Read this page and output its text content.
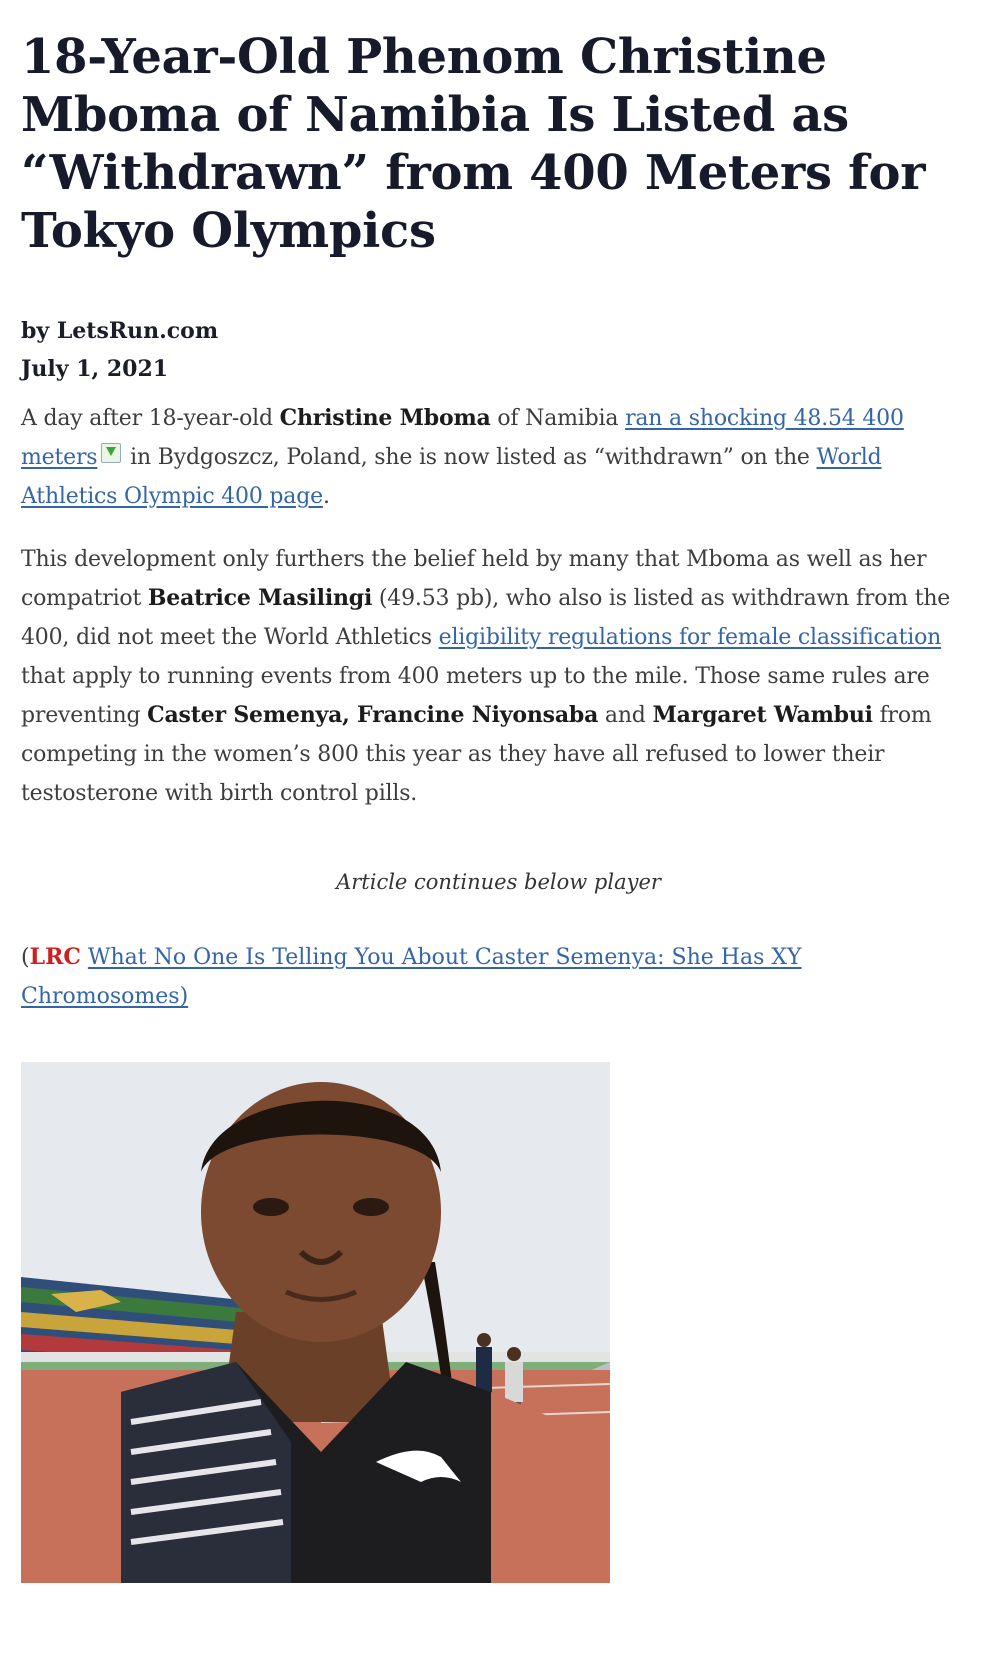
18-Year-Old Phenom Christine Mboma of Namibia Is Listed as “Withdrawn” from 400 Meters for Tokyo Olympics
by LetsRun.com
July 1, 2021

A day after 18-year-old Christine Mboma of Namibia ran a shocking 48.54 400 meters in Bydgoszcz, Poland, she is now listed as “withdrawn” on the World Athletics Olympic 400 page.

This development only furthers the belief held by many that Mboma as well as her compatriot Beatrice Masilingi (49.53 pb), who also is listed as withdrawn from the 400, did not meet the World Athletics eligibility regulations for female classification that apply to running events from 400 meters up to the mile. Those same rules are preventing Caster Semenya, Francine Niyonsaba and Margaret Wambui from competing in the women’s 800 this year as they have all refused to lower their testosterone with birth control pills.

Article continues below player
(LRC What No One Is Telling You About Caster Semenya: She Has XY Chromosomes)
